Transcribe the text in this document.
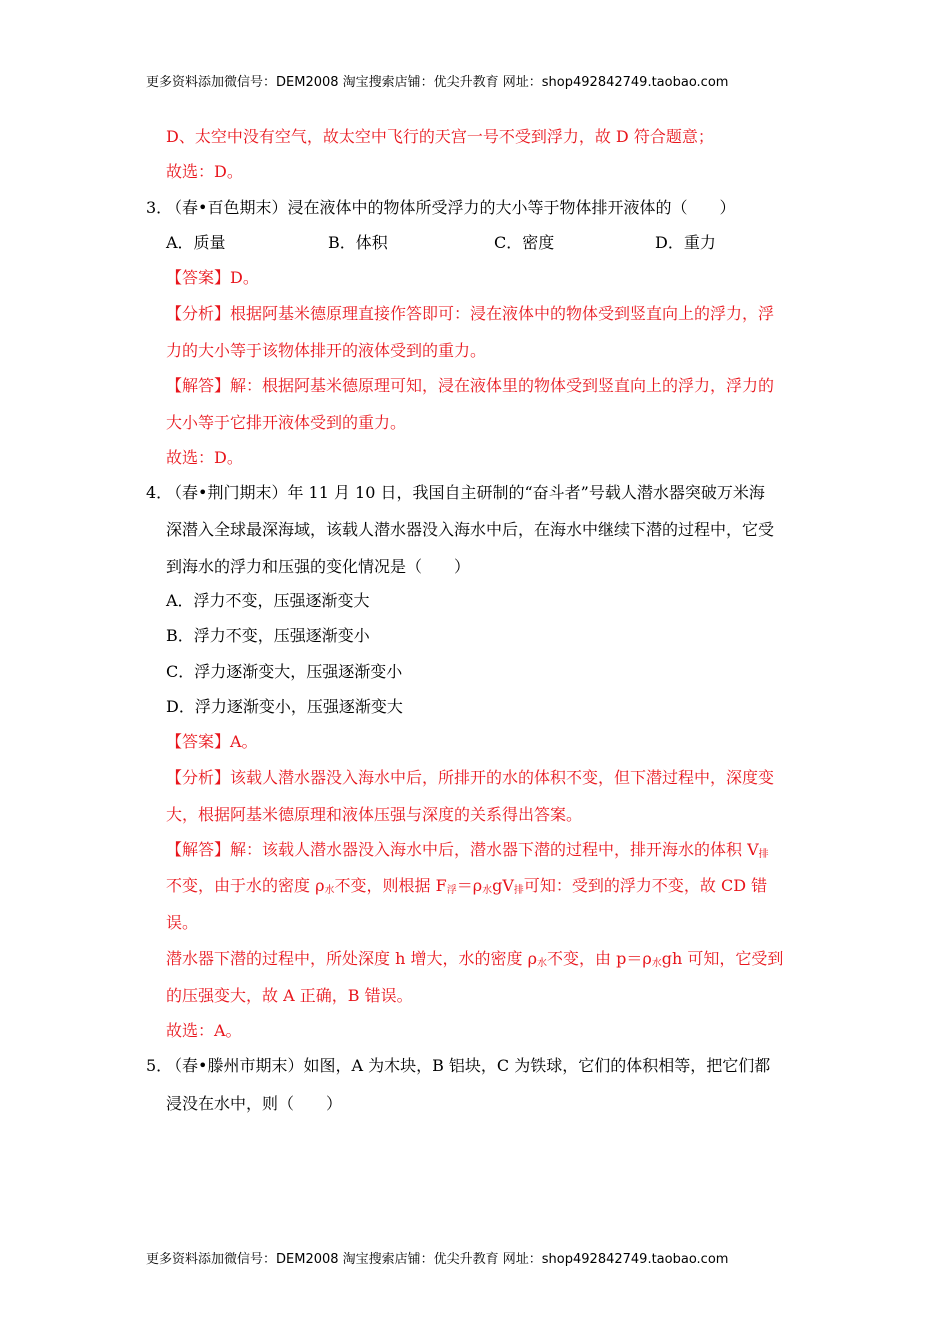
更多资料添加微信号：DEM2008 淘宝搜索店铺：优尖升教育 网址：shop492842749.taobao.com
D、太空中没有空气，故太空中飞行的天宫一号不受到浮力，故 D 符合题意；
故选：D。
3．
（春•百色期末）浸在液体中的物体所受浮力的大小等于物体排开液体的（　　）
A．质量	B．体积	C．密度	D．重力
【答案】D。
【分析】根据阿基米德原理直接作答即可：浸在液体中的物体受到竖直向上的浮力，浮
力的大小等于该物体排开的液体受到的重力。
【解答】解：根据阿基米德原理可知，浸在液体里的物体受到竖直向上的浮力，浮力的
大小等于它排开液体受到的重力。
故选：D。
4．
（春•荆门期末）年 11 月 10 日，我国自主研制的“奋斗者”号载人潜水器突破万米海
深潜入全球最深海域，该载人潜水器没入海水中后，在海水中继续下潜的过程中，它受
到海水的浮力和压强的变化情况是（　　）
A．浮力不变，压强逐渐变大
B．浮力不变，压强逐渐变小
C．浮力逐渐变大，压强逐渐变小
D．浮力逐渐变小，压强逐渐变大
【答案】A。
【分析】该载人潜水器没入海水中后，所排开的水的体积不变，但下潜过程中，深度变
大，根据阿基米德原理和液体压强与深度的关系得出答案。
【解答】解：该载人潜水器没入海水中后，潜水器下潜的过程中，排开海水的体积 $V_排$
不变，由于水的密度 $\rho_水$不变，则根据 $F_浮=\rho_水gV_排$可知：受到的浮力不变，故 CD 错
误。
潜水器下潜的过程中，所处深度 h 增大，水的密度 $\rho_水$不变，由 $p=\rho_水gh$ 可知，它受到
的压强变大，故 A 正确，B 错误。
故选：A。
5．
（春•滕州市期末）如图，A 为木块，B 铝块，C 为铁球，它们的体积相等，把它们都
浸没在水中，则（　　）
更多资料添加微信号：DEM2008 淘宝搜索店铺：优尖升教育 网址：shop492842749.taobao.com
